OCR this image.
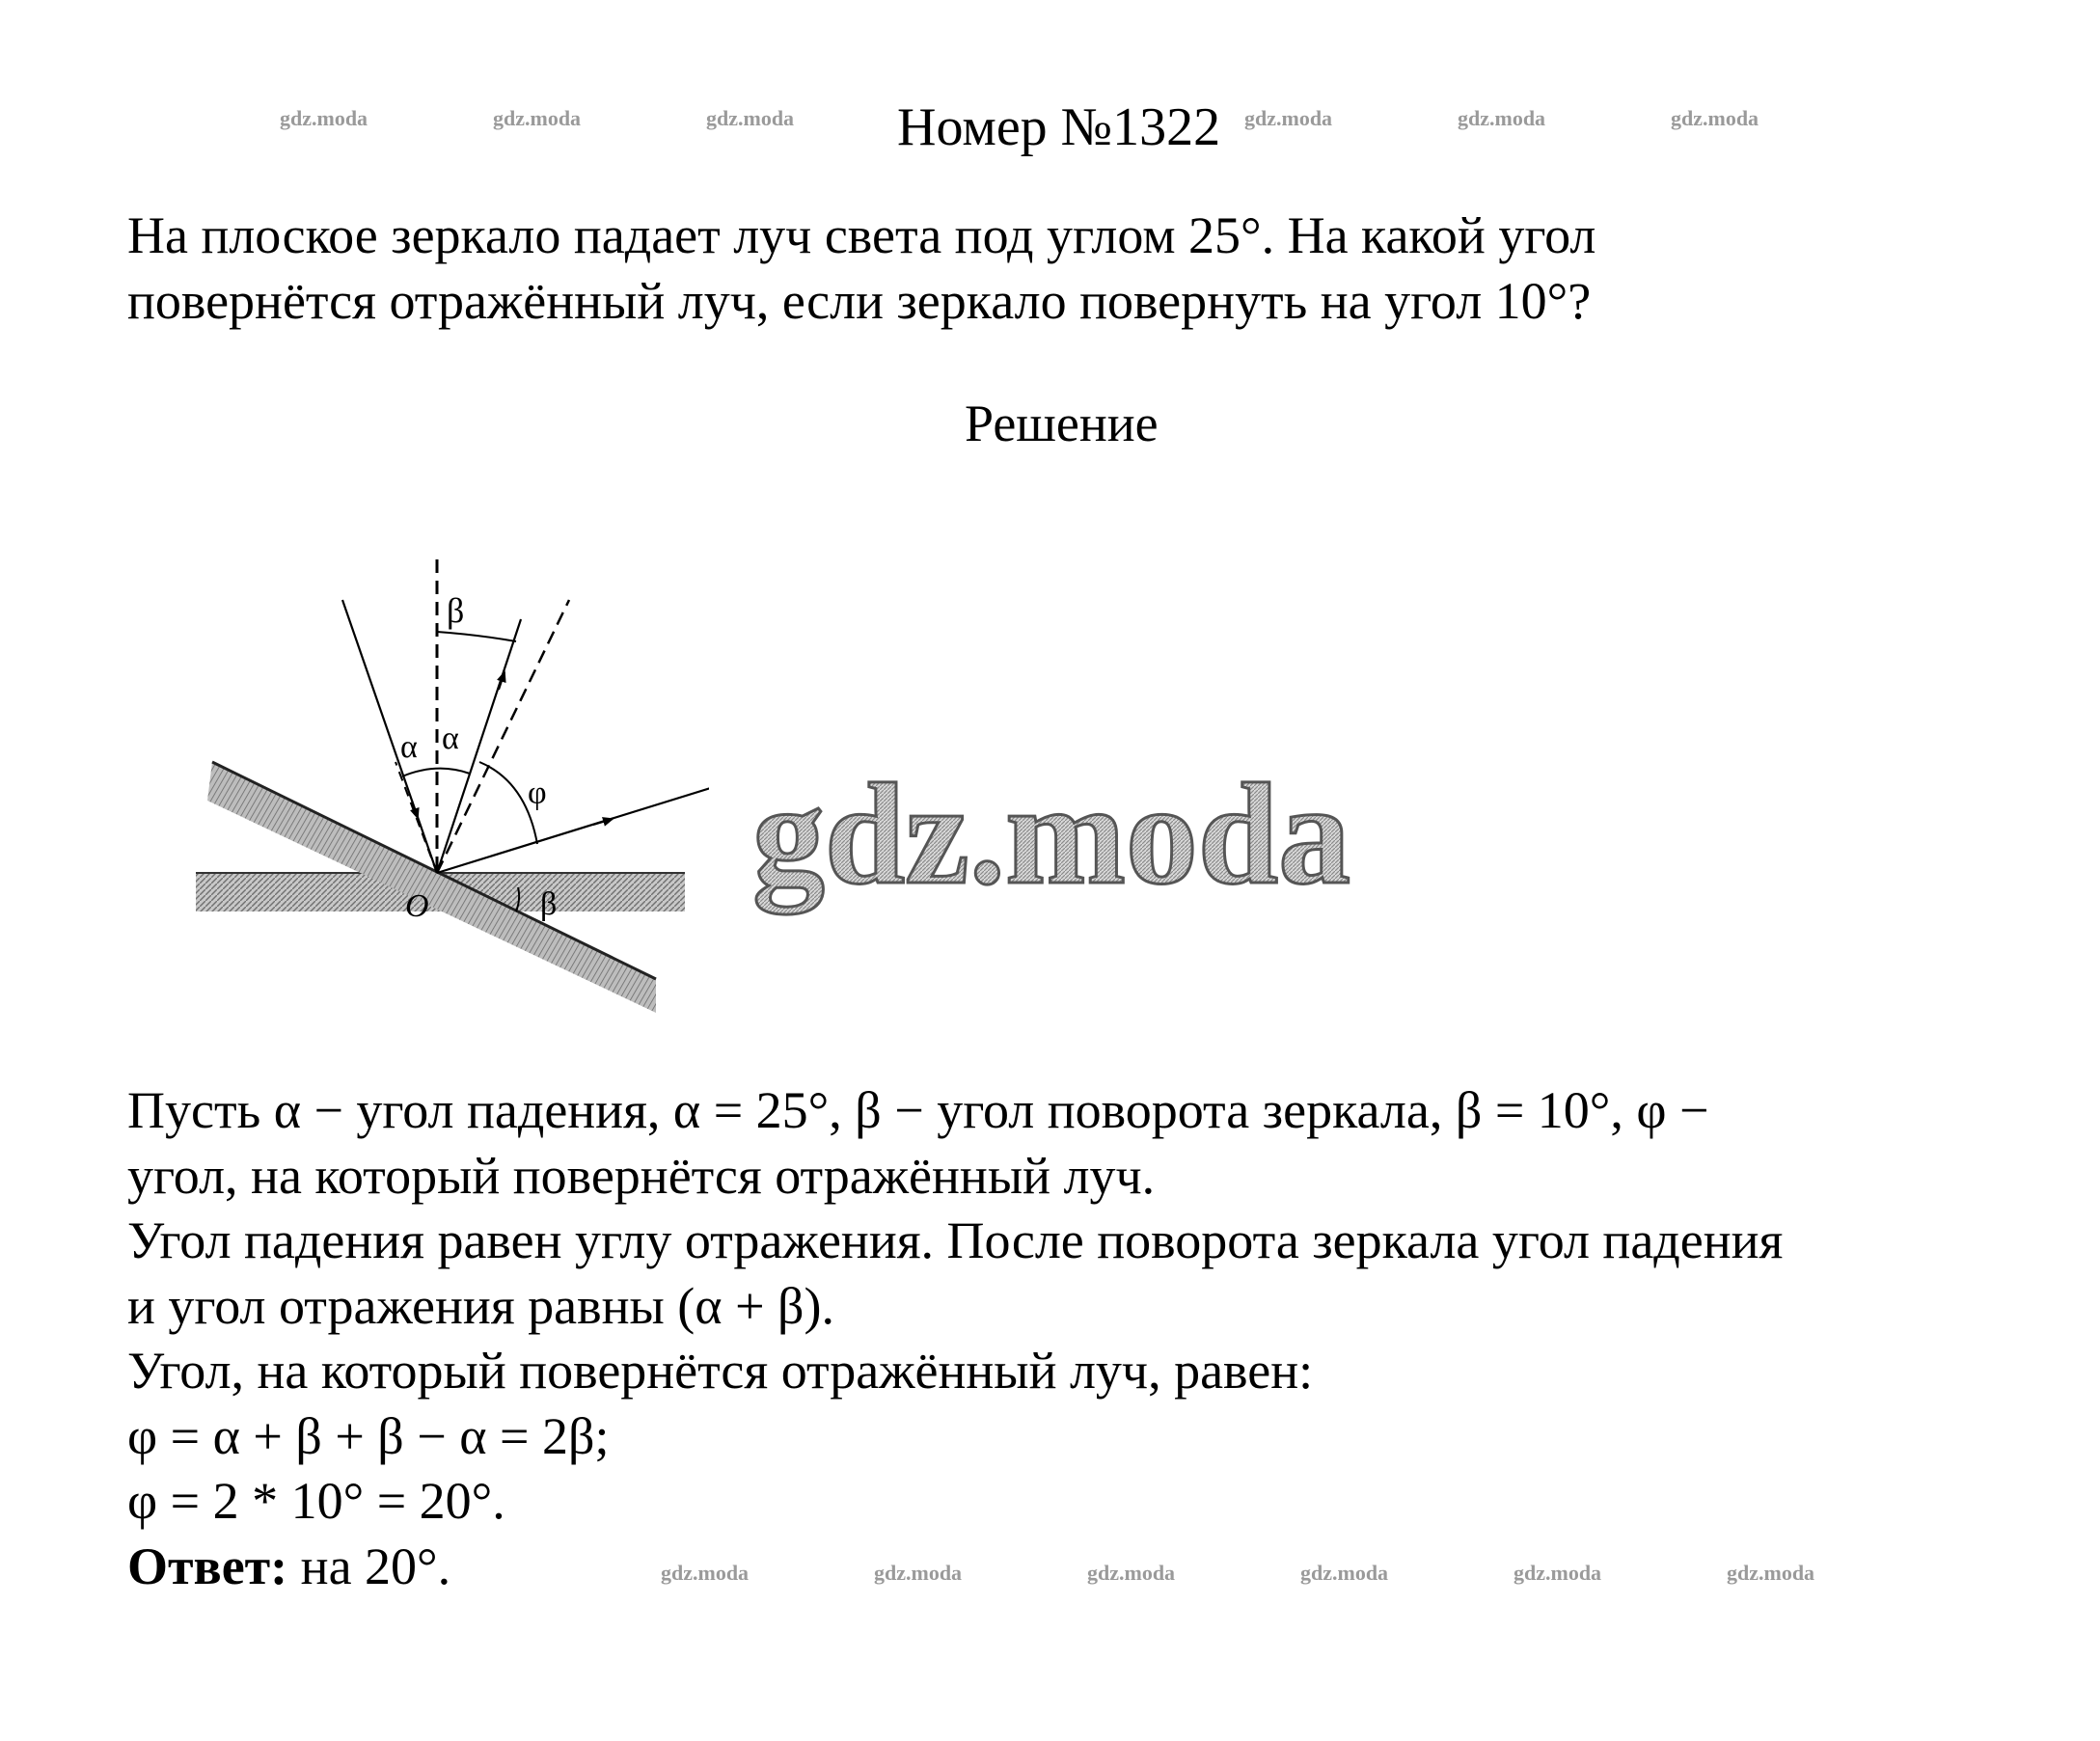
gdz.moda	gdz.moda	gdz.moda	gdz.moda	gdz.moda	gdz.moda
Номер №1322
На плоское зеркало падает луч света под углом 25°. На какой угол
повернётся отражённый луч, если зеркало повернуть на угол 10°?
Решение
β
α α
φ
O	β gdz.moda
Пусть α − угол падения, α = 25°, β − угол поворота зеркала, β = 10°, φ −
угол, на который повернётся отражённый луч.
Угол падения равен углу отражения. После поворота зеркала угол падения
и угол отражения равны (α + β).
Угол, на который повернётся отражённый луч, равен:
φ = α + β + β − α = 2β;
φ = 2 * 10° = 20°.
Ответ: на 20°.	gdz.moda	gdz.moda	gdz.moda	gdz.moda	gdz.moda	gdz.moda
